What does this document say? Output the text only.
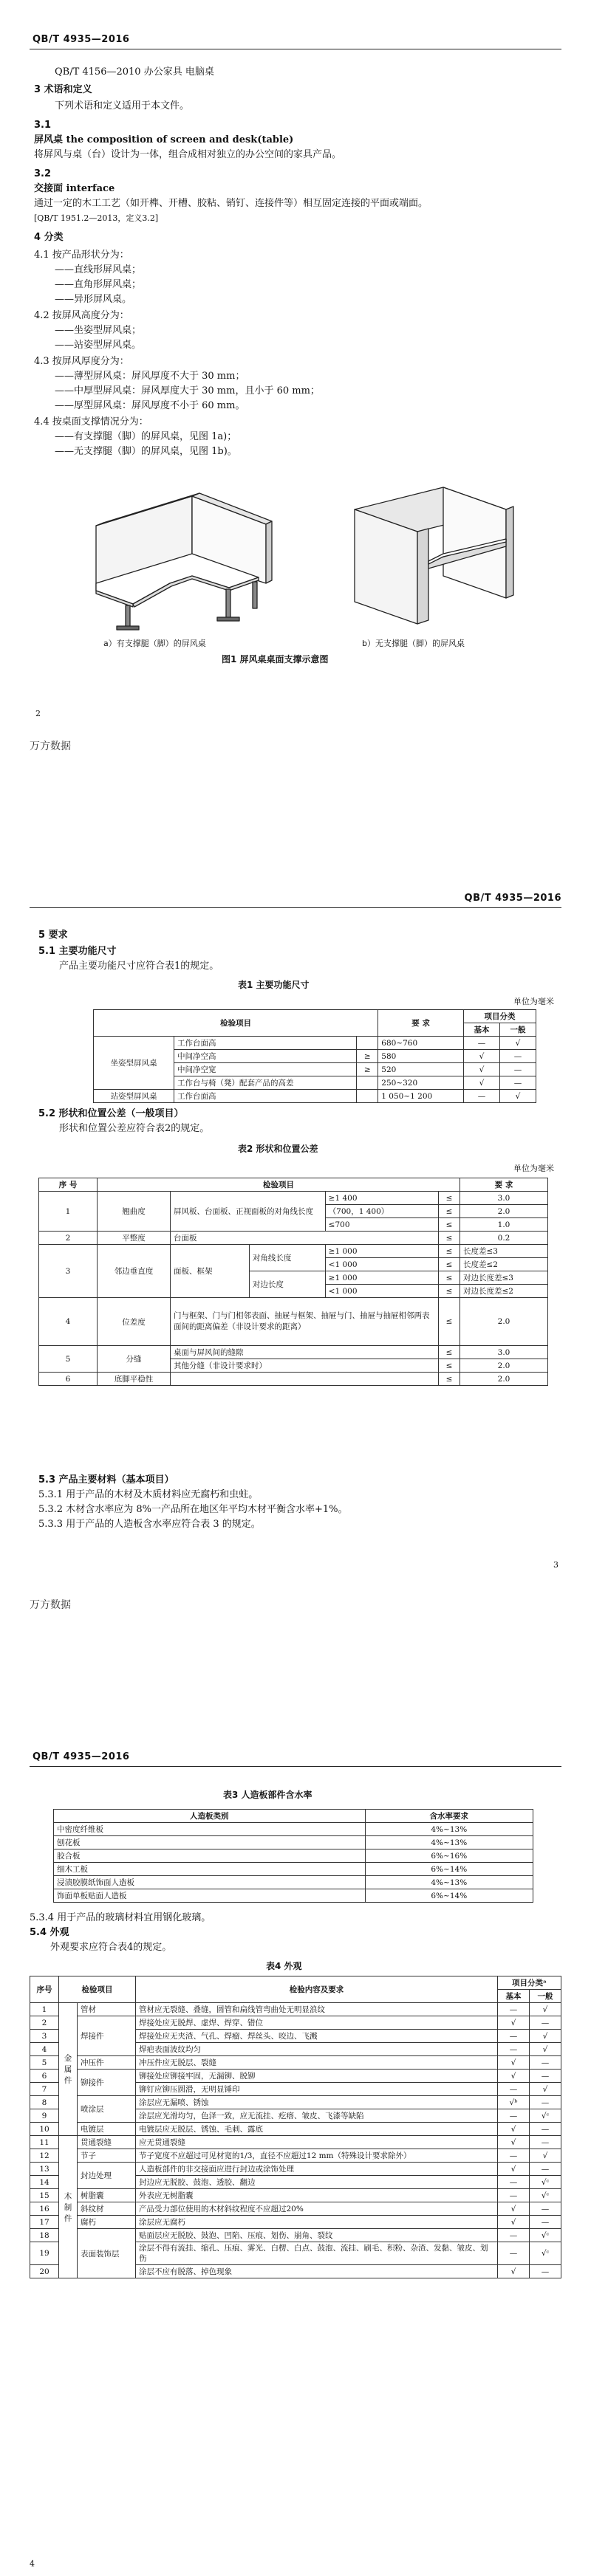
QB/T 4935—2016
QB/T 4156—2010 办公家具 电脑桌
3 术语和定义
下列术语和定义适用于本文件。
3.1
屏风桌 the composition of screen and desk(table)
将屏风与桌（台）设计为一体，组合成相对独立的办公空间的家具产品。
3.2
交接面 interface
通过一定的木工工艺（如开榫、开槽、胶粘、销钉、连接件等）相互固定连接的平面或端面。
[QB/T 1951.2—2013，定义3.2]
4 分类
4.1 按产品形状分为：
——直线形屏风桌；
——直角形屏风桌；
——异形屏风桌。
4.2 按屏风高度分为：
——坐姿型屏风桌；
——站姿型屏风桌。
4.3 按屏风厚度分为：
——薄型屏风桌：屏风厚度不大于 30 mm；
——中厚型屏风桌：屏风厚度大于 30 mm，且小于 60 mm；
——厚型屏风桌：屏风厚度不小于 60 mm。
4.4 按桌面支撑情况分为：
——有支撑腿（脚）的屏风桌，见图 1a)；
——无支撑腿（脚）的屏风桌，见图 1b)。
a）有支撑腿（脚）的屏风桌	b）无支撑腿（脚）的屏风桌
图1 屏风桌桌面支撑示意图
2
万方数据
QB/T 4935—2016
5 要求
5.1 主要功能尺寸
产品主要功能尺寸应符合表1的规定。
表1 主要功能尺寸
单位为毫米
检验项目			要 求	项目分类	
				基本	一般
坐姿型屏风桌	工作台面高		680~760	—	√
	中间净空高	≥	580	√	—
	中间净空宽	≥	520	√	—
	工作台与椅（凳）配套产品的高差		250~320	√	—
站姿型屏风桌	工作台面高		1 050~1 200	—	√
5.2 形状和位置公差（一般项目）
形状和位置公差应符合表2的规定。
表2 形状和位置公差
单位为毫米
序 号	检验项目					要 求
1	翘曲度	屏风板、台面板、正视面板的对角线长度		≥1 400	≤	3.0
				（700，1 400）	≤	2.0
				≤700	≤	1.0
2	平整度	台面板			≤	0.2
3	邻边垂直度	面板、框架	对角线长度	≥1 000	≤	长度差≤3
				<1 000	≤	长度差≤2
			对边长度	≥1 000	≤	对边长度差≤3
				<1 000	≤	对边长度差≤2
4	位差度	门与框架、门与门相邻表面、抽屉与框架、抽屉与门、抽屉与抽屉相邻两表面间的距离偏差（非设计要求的距离）			≤	2.0
5	分缝	桌面与屏风间的缝隙			≤	3.0
		其他分缝（非设计要求时）			≤	2.0
6	底脚平稳性				≤	2.0
5.3 产品主要材料（基本项目）
5.3.1 用于产品的木材及木质材料应无腐朽和虫蛀。
5.3.2 木材含水率应为 8%一产品所在地区年平均木材平衡含水率+1%。
5.3.3 用于产品的人造板含水率应符合表 3 的规定。
3
万方数据
QB/T 4935—2016
表3 人造板部件含水率
人造板类别	含水率要求
中密度纤维板	4%~13%
刨花板	4%~13%
胶合板	6%~16%
细木工板	6%~14%
浸渍胶膜纸饰面人造板	4%~13%
饰面单板贴面人造板	6%~14%
5.3.4 用于产品的玻璃材料宜用钢化玻璃。
5.4 外观
外观要求应符合表4的规定。
表4 外观
序号	检验项目		检验内容及要求	项目分类ᵃ	
				基本	一般
1	金属件	管材	管材应无裂缝、叠缝，圆管和扁线管弯曲处无明显浪纹	—	√
2		焊接件	焊接处应无脱焊、虚焊、焊穿、错位	√	—
3			焊接处应无夹渣、气孔、焊瘤、焊丝头、咬边、飞溅	—	√
4			焊疤表面波纹均匀	—	√
5		冲压件	冲压件应无脱层、裂缝	√	—
6		铆接件	铆接处应铆接牢固，无漏铆、脱铆	√	—
7			铆钉应铆压圆滑，无明显锤印	—	√
8		喷涂层	涂层应无漏喷、锈蚀	√ᵇ	—
9			涂层应光滑均匀，色泽一致，应无流挂、疙瘩、皱皮、飞漆等缺陷	—	√ᶜ
10		电镀层	电镀层应无脱层、锈蚀、毛刺、露底	√	—
11	木制件	贯通裂缝	应无贯通裂缝	√	—
12		节子	节子宽度不应超过可见材宽的1/3，直径不应超过12 mm（特殊设计要求除外）	—	√
13		封边处理	人造板部件的非交接面应进行封边或涂饰处理	√	—
14			封边应无脱胶、鼓泡、透胶、翻边	—	√ᶜ
15		树脂囊	外表应无树脂囊	—	√ᶜ
16		斜纹材	产品受力部位使用的木材斜纹程度不应超过20%	√	—
17		腐朽	涂层应无腐朽	√	—
18		表面装饰层	贴面层应无脱胶、鼓泡、凹陷、压痕、划伤、崩角、裂纹	—	√ᶜ
19			涂层不得有流挂、缩孔、压痕、雾光、白楞、白点、鼓泡、流挂、刷毛、积粉、杂渣、发黏、皱皮、划伤	—	√ᶜ
20			涂层不应有脱落、掉色现象	√	—
4
